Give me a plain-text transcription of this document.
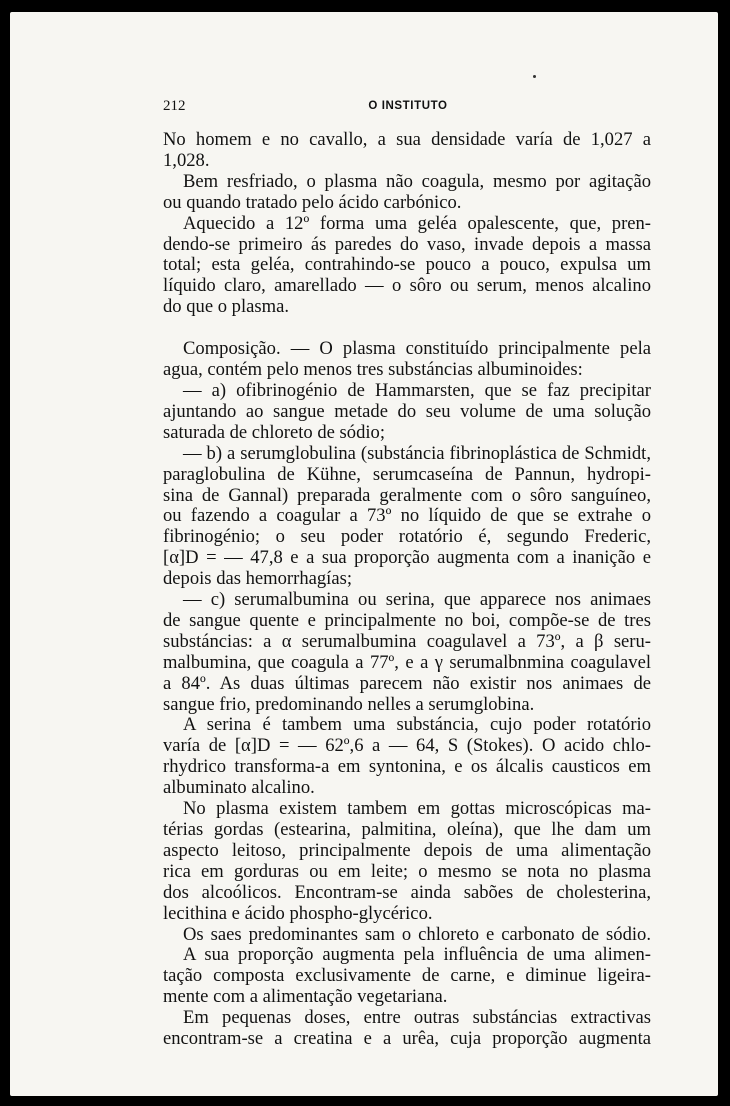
212	O INSTITUTO

No homem e no cavallo, a sua densidade varía de 1,027 a
1,028.

Bem resfriado, o plasma não coagula, mesmo por agitação
ou quando tratado pelo ácido carbónico.

Aquecido a 12º forma uma geléa opalescente, que, pren-
dendo-se primeiro ás paredes do vaso, invade depois a massa
total; esta geléa, contrahindo-se pouco a pouco, expulsa um
líquido claro, amarellado — o sôro ou serum, menos alcalino
do que o plasma.

Composição. — O plasma constituído principalmente pela
agua, contém pelo menos tres substáncias albuminoides:

— a) ofibrinogénio de Hammarsten, que se faz precipitar
ajuntando ao sangue metade do seu volume de uma solução
saturada de chloreto de sódio;

— b) a serumglobulina (substáncia fibrinoplástica de Schmidt,
paraglobulina de Kühne, serumcaseína de Pannun, hydropi-
sina de Gannal) preparada geralmente com o sôro sanguíneo,
ou fazendo a coagular a 73º no líquido de que se extrahe o
fibrinogénio; o seu poder rotatório é, segundo Frederic,
[α]D = — 47,8 e a sua proporção augmenta com a inanição e
depois das hemorrhagías;

— c) serumalbumina ou serina, que apparece nos animaes
de sangue quente e principalmente no boi, compõe-se de tres
substáncias: a α serumalbumina coagulavel a 73º, a β seru-
malbumina, que coagula a 77º, e a γ serumalbnmina coagulavel
a 84º. As duas últimas parecem não existir nos animaes de
sangue frio, predominando nelles a serumglobina.

A serina é tambem uma substáncia, cujo poder rotatório
varía de [α]D = — 62º,6 a — 64, S (Stokes). O acido chlo-
rhydrico transforma-a em syntonina, e os álcalis causticos em
albuminato alcalino.

No plasma existem tambem em gottas microscópicas ma-
térias gordas (estearina, palmitina, oleína), que lhe dam um
aspecto leitoso, principalmente depois de uma alimentação
rica em gorduras ou em leite; o mesmo se nota no plasma
dos alcoólicos. Encontram-se ainda sabões de cholesterina,
lecithina e ácido phospho-glycérico.

Os saes predominantes sam o chloreto e carbonato de sódio.

A sua proporção augmenta pela influência de uma alimen-
tação composta exclusivamente de carne, e diminue ligeira-
mente com a alimentação vegetariana.

Em pequenas doses, entre outras substáncias extractivas
encontram-se a creatina e a urêa, cuja proporção augmenta
